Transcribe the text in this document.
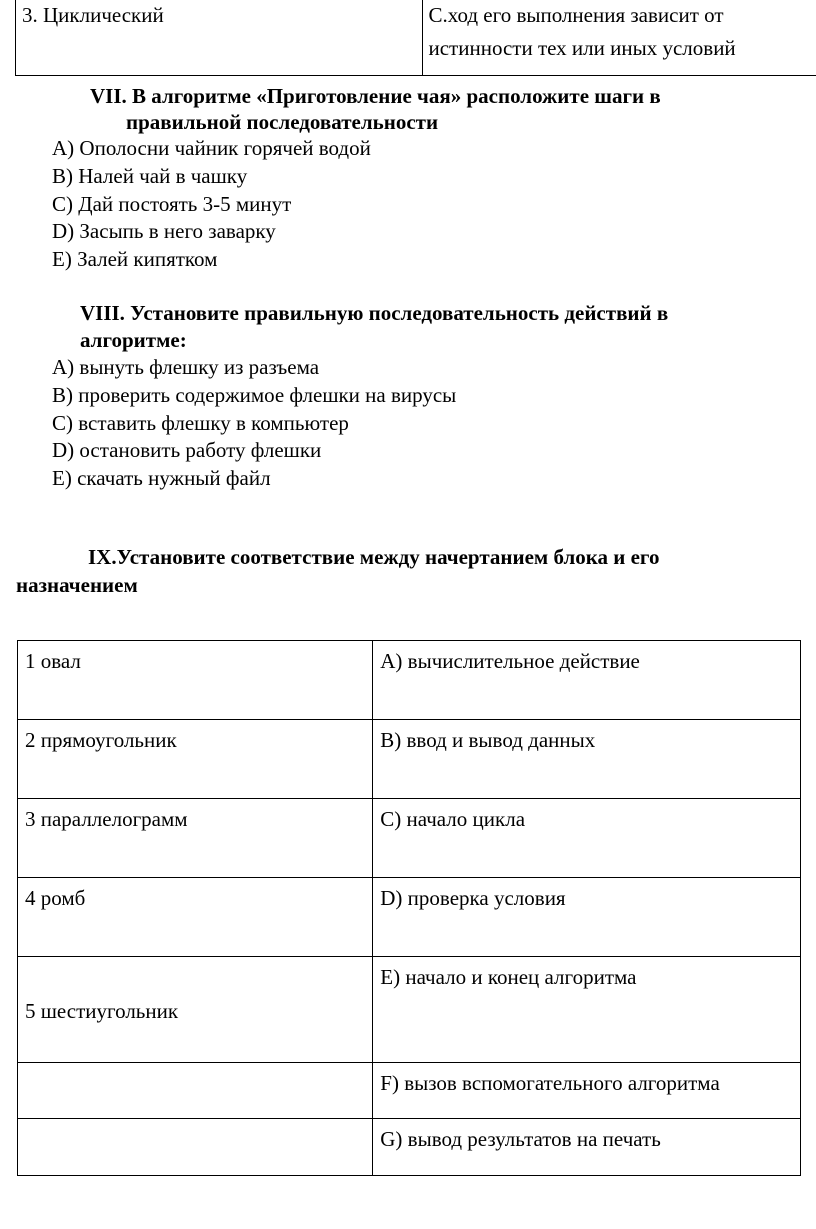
3. Циклический	С.ход его выполнения зависит от истинности тех или иных условий
VII. В алгоритме «Приготовление чая» расположите шаги в
правильной последовательности
A) Ополосни чайник горячей водой
B) Налей чай в чашку
C) Дай постоять 3-5 минут
D) Засыпь в него заварку
E) Залей кипятком
VIII. Установите правильную последовательность действий в
алгоритме:
A) вынуть флешку из разъема
B) проверить содержимое флешки на вирусы
C) вставить флешку в компьютер
D) остановить работу флешки
E) скачать нужный файл
IX.Установите соответствие между начертанием блока и его
назначением
1 овал	A) вычислительное действие
2 прямоугольник	B) ввод и вывод данных
3 параллелограмм	C) начало цикла
4 ромб	D) проверка условия
5 шестиугольник	E) начало и конец алгоритма
	F) вызов вспомогательного алгоритма
	G) вывод результатов на печать
